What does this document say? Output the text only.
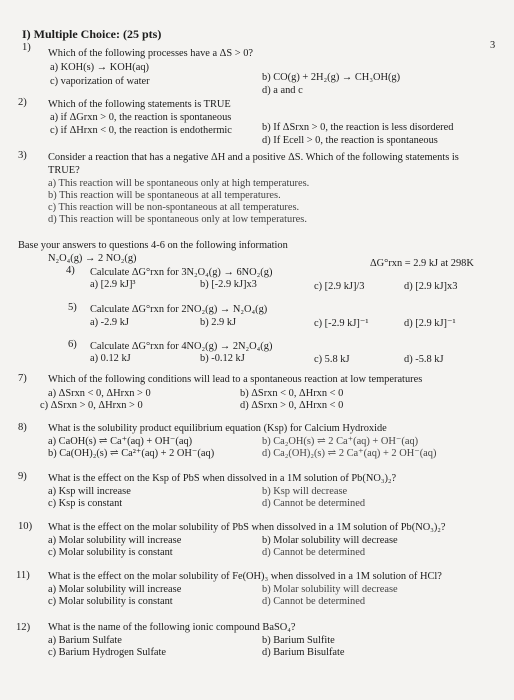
3
I) Multiple Choice: (25 pts)
1)
Which of the following processes have a ΔS > 0?
a) KOH(s) → KOH(aq)
b) CO(g) + 2H₂(g) → CH₃OH(g)
c) vaporization of water
d) a and c
2) Which of the following statements is TRUE
a) if ΔGrxn > 0, the reaction is spontaneous
b) If ΔSrxn > 0, the reaction is less disordered
c) if ΔHrxn < 0, the reaction is endothermic
d) If Ecell > 0, the reaction is spontaneous
3) Consider a reaction that has a negative ΔH and a positive ΔS. Which of the following statements is
TRUE?
a) This reaction will be spontaneous only at high temperatures.
b) This reaction will be spontaneous at all temperatures.
c) This reaction will be non-spontaneous at all temperatures.
d) This reaction will be spontaneous only at low temperatures.
Base your answers to questions 4-6 on the following information
N₂O₄(g) → 2 NO₂(g)	ΔG°rxn = 2.9 kJ at 298K
4) Calculate ΔG°rxn for 3N₂O₄(g) → 6NO₂(g)
a) [2.9 kJ]³	b) [-2.9 kJ]x3	c) [2.9 kJ]/3	d) [2.9 kJ]x3
5) Calculate ΔG°rxn for 2NO₂(g) → N₂O₄(g)
a) -2.9 kJ	b) 2.9 kJ	c) [-2.9 kJ]⁻¹	d) [2.9 kJ]⁻¹
6) Calculate ΔG°rxn for 4NO₂(g) → 2N₂O₄(g)
a) 0.12 kJ	b) -0.12 kJ	c) 5.8 kJ	d) -5.8 kJ
7) Which of the following conditions will lead to a spontaneous reaction at low temperatures
a) ΔSrxn < 0, ΔHrxn > 0	b) ΔSrxn < 0, ΔHrxn < 0
c) ΔSrxn > 0, ΔHrxn > 0	d) ΔSrxn > 0, ΔHrxn < 0
8) What is the solubility product equilibrium equation (Ksp) for Calcium Hydroxide
a) CaOH(s) ⇌ Ca⁺(aq) + OH⁻(aq)	b) Ca₂OH(s) ⇌ 2 Ca⁺(aq) + OH⁻(aq)
b) Ca(OH)₂(s) ⇌ Ca²⁺(aq) + 2 OH⁻(aq)	d) Ca₂(OH)₂(s) ⇌ 2 Ca⁺(aq) + 2 OH⁻(aq)
9) What is the effect on the Ksp of PbS when dissolved in a 1M solution of Pb(NO₃)₂?
a) Ksp will increase	b) Ksp will decrease
c) Ksp is constant	d) Cannot be determined
10) What is the effect on the molar solubility of PbS when dissolved in a 1M solution of Pb(NO₃)₂?
a) Molar solubility will increase	b) Molar solubility will decrease
c) Molar solubility is constant	d) Cannot be determined
11) What is the effect on the molar solubility of Fe(OH)₃ when dissolved in a 1M solution of HCl?
a) Molar solubility will increase	b) Molar solubility will decrease
c) Molar solubility is constant	d) Cannot be determined
12) What is the name of the following ionic compound BaSO₄?
a) Barium Sulfate	b) Barium Sulfite
c) Barium Hydrogen Sulfate	d) Barium Bisulfate
